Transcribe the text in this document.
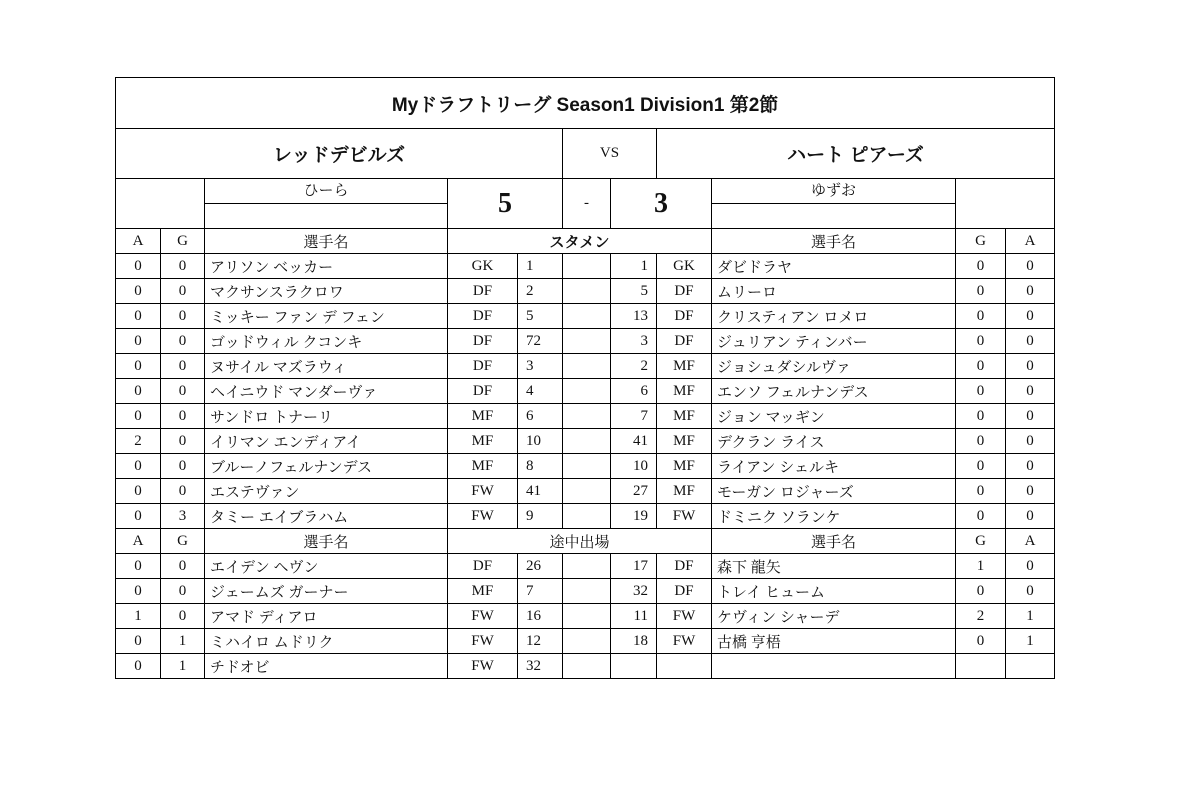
Myドラフトリーグ Season1 Division1 第2節										
レッドデビルズ					VS		ハート ピアーズ			

		ひーら	5		-	3		ゆずお		

A	G	選手名	スタメン					選手名	G	A
0	0	アリソン ベッカー	GK	1		1	GK	ダビドラヤ	0	0
0	0	マクサンスラクロワ	DF	2		5	DF	ムリーロ	0	0
0	0	ミッキー ファン デ フェン	DF	5		13	DF	クリスティアン ロメロ	0	0
0	0	ゴッドウィル クコンキ	DF	72		3	DF	ジュリアン ティンバー	0	0
0	0	ヌサイル マズラウィ	DF	3		2	MF	ジョシュダシルヴァ	0	0
0	0	ヘイニウド マンダーヴァ	DF	4		6	MF	エンソ フェルナンデス	0	0
0	0	サンドロ トナーリ	MF	6		7	MF	ジョン マッギン	0	0
2	0	イリマン エンディアイ	MF	10		41	MF	デクラン ライス	0	0
0	0	ブルーノフェルナンデス	MF	8		10	MF	ライアン シェルキ	0	0
0	0	エステヴァン	FW	41		27	MF	モーガン ロジャーズ	0	0
0	3	タミー エイブラハム	FW	9		19	FW	ドミニク ソランケ	0	0
A	G	選手名	途中出場					選手名	G	A
0	0	エイデン ヘヴン	DF	26		17	DF	森下 龍矢	1	0
0	0	ジェームズ ガーナー	MF	7		32	DF	トレイ ヒューム	0	0
1	0	アマド ディアロ	FW	16		11	FW	ケヴィン シャーデ	2	1
0	1	ミハイロ ムドリク	FW	12		18	FW	古橋 亨梧	0	1
0	1	チドオビ	FW	32						
